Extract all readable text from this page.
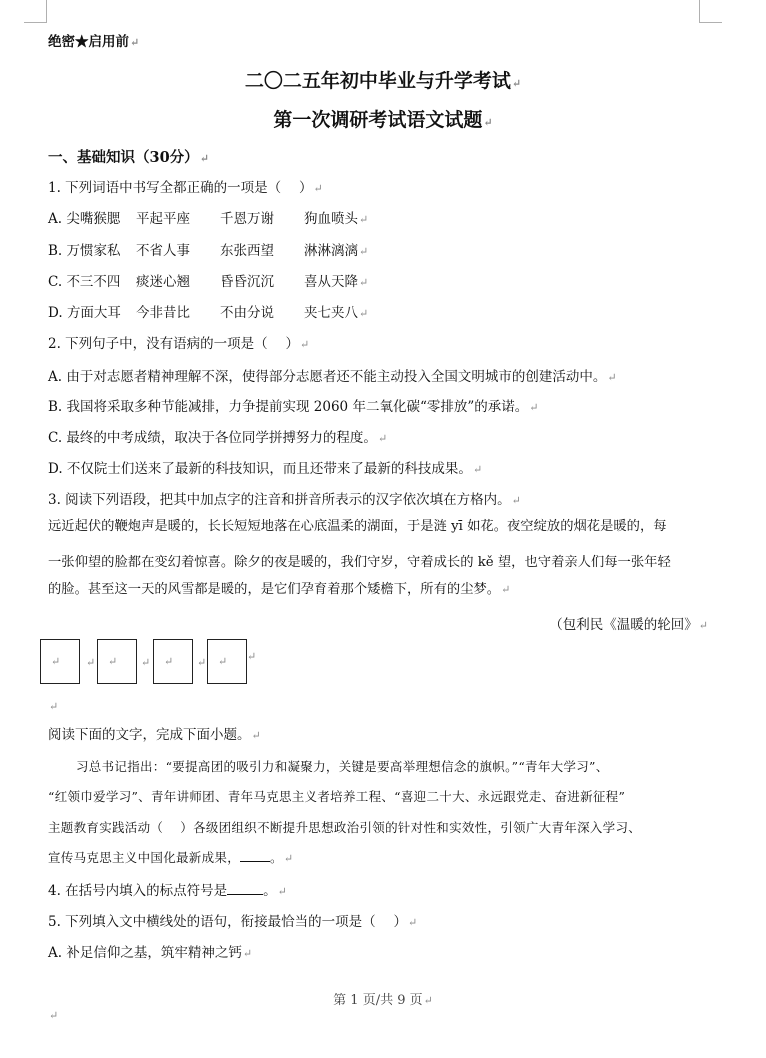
绝密★启用前↵
二〇二五年初中毕业与升学考试↵
第一次调研考试语文试题↵
一、基础知识（30分）↵
1. 下列词语中书写全都正确的一项是（　 ）↵
A. 尖嘴猴腮 平起平座 千恩万谢 狗血喷头↵
B. 万惯家私 不省人事 东张西望 淋淋漓漓↵
C. 不三不四 痰迷心翘 昏昏沉沉 喜从天降↵
D. 方面大耳 今非昔比 不由分说 夹七夹八↵
2. 下列句子中，没有语病的一项是（　 ）↵
A. 由于对志愿者精神理解不深，使得部分志愿者还不能主动投入全国文明城市的创建活动中。↵
B. 我国将采取多种节能减排，力争提前实现 2060 年二氧化碳“零排放”的承诺。↵
C. 最终的中考成绩，取决于各位同学拼搏努力的程度。↵
D. 不仅院士们送来了最新的科技知识，而且还带来了最新的科技成果。↵
3. 阅读下列语段，把其中加点字的注音和拼音所表示的汉字依次填在方格内。↵
远近起伏的鞭炮声是暖的，长长短短地落在心底温柔的湖面，于是涟 yī 如花。夜空绽放的烟花是暖的，每
一张仰望的脸都在变幻着惊喜。除夕的夜是暖的，我们守岁，守着成长的 kě 望，也守着亲人们每一张年轻
的脸。甚至这一天的风雪都是暖的，是它们孕育着那个矮檐下，所有的尘梦。↵
（包利民《温暖的轮回》↵
↵ ↵ ↵ ↵ ↵ ↵ ↵ ↵
↵
阅读下面的文字，完成下面小题。↵
习总书记指出：“要提高团的吸引力和凝聚力，关键是要高举理想信念的旗帜。”“青年大学习”、
“红领巾爱学习”、青年讲师团、青年马克思主义者培养工程、“喜迎二十大、永远跟党走、奋进新征程”
主题教育实践活动（　 ）各级团组织不断提升思想政治引领的针对性和实效性，引领广大青年深入学习、
宣传马克思主义中国化最新成果， 。↵
4. 在括号内填入的标点符号是	。↵
5. 下列填入文中横线处的语句，衔接最恰当的一项是（　 ）↵
A. 补足信仰之基，筑牢精神之钙↵
第 1 页/共 9 页↵
↵
